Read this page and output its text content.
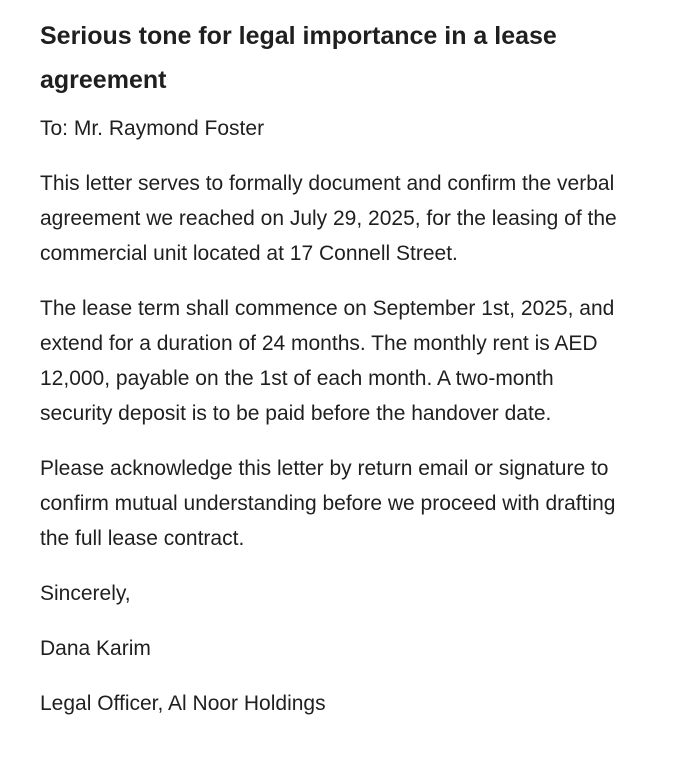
Serious tone for legal importance in a lease agreement

To: Mr. Raymond Foster

This letter serves to formally document and confirm the verbal
agreement we reached on July 29, 2025, for the leasing of the
commercial unit located at 17 Connell Street.
The lease term shall commence on September 1st, 2025, and
extend for a duration of 24 months. The monthly rent is AED
12,000, payable on the 1st of each month. A two-month
security deposit is to be paid before the handover date.
Please acknowledge this letter by return email or signature to
confirm mutual understanding before we proceed with drafting
the full lease contract.

Sincerely,

Dana Karim

Legal Officer, Al Noor Holdings
